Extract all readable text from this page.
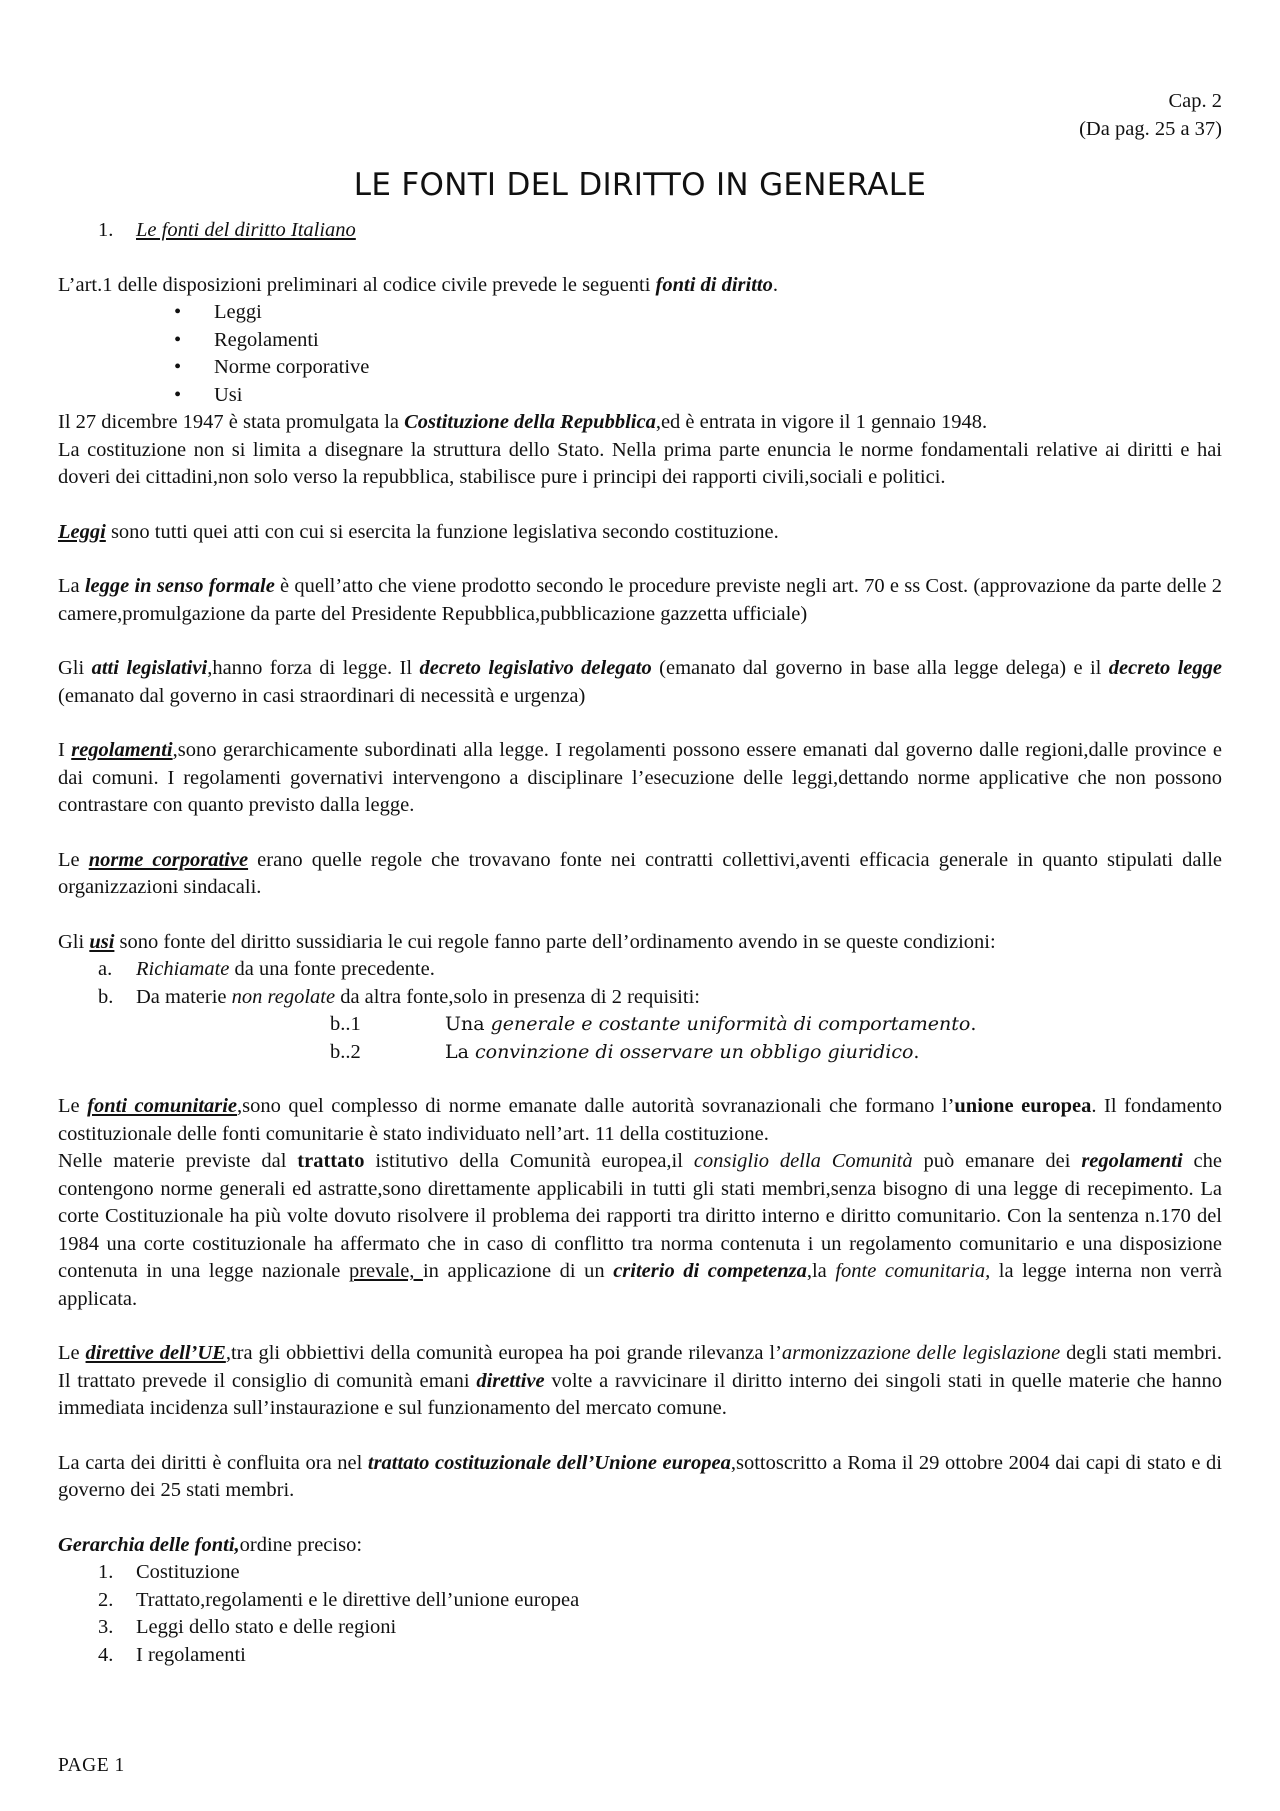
Cap. 2
(Da pag. 25 a 37)
LE FONTI DEL DIRITTO IN GENERALE
1. Le fonti del diritto Italiano

L’art.1 delle disposizioni preliminari al codice civile prevede le seguenti fonti di diritto.

• Leggi
• Regolamenti
• Norme corporative
• Usi

Il 27 dicembre 1947 è stata promulgata la Costituzione della Repubblica,ed è entrata in vigore il 1 gennaio 1948.

La costituzione non si limita a disegnare la struttura dello Stato. Nella prima parte enuncia le norme fondamentali relative ai diritti e hai doveri dei cittadini,non solo verso la repubblica, stabilisce pure i principi dei rapporti civili,sociali e politici.

Leggi sono tutti quei atti con cui si esercita la funzione legislativa secondo costituzione.

La legge in senso formale è quell’atto che viene prodotto secondo le procedure previste negli art. 70 e ss Cost. (approvazione da parte delle 2 camere,promulgazione da parte del Presidente Repubblica,pubblicazione gazzetta ufficiale)

Gli atti legislativi,hanno forza di legge. Il decreto legislativo delegato (emanato dal governo in base alla legge delega) e il decreto legge (emanato dal governo in casi straordinari di necessità e urgenza)

I regolamenti,sono gerarchicamente subordinati alla legge. I regolamenti possono essere emanati dal governo dalle regioni,dalle province e dai comuni. I regolamenti governativi intervengono a disciplinare l’esecuzione delle leggi,dettando norme applicative che non possono contrastare con quanto previsto dalla legge.

Le norme corporative erano quelle regole che trovavano fonte nei contratti collettivi,aventi efficacia generale in quanto stipulati dalle organizzazioni sindacali.

Gli usi sono fonte del diritto sussidiaria le cui regole fanno parte dell’ordinamento avendo in se queste condizioni:

a.	Richiamate da una fonte precedente.
b.	Da materie non regolate da altra fonte,solo in presenza di 2 requisiti:
b..1	Una generale e costante uniformità di comportamento.
b..2	La convinzione di osservare un obbligo giuridico.

Le fonti comunitarie,sono quel complesso di norme emanate dalle autorità sovranazionali che formano l’unione europea. Il fondamento costituzionale delle fonti comunitarie è stato individuato nell’art. 11 della costituzione.

Nelle materie previste dal trattato istitutivo della Comunità europea,il consiglio della Comunità può emanare dei regolamenti che contengono norme generali ed astratte,sono direttamente applicabili in tutti gli stati membri,senza bisogno di una legge di recepimento. La corte Costituzionale ha più volte dovuto risolvere il problema dei rapporti tra diritto interno e diritto comunitario. Con la sentenza n.170 del 1984 una corte costituzionale ha affermato che in caso di conflitto tra norma contenuta i un regolamento comunitario e una disposizione contenuta in una legge nazionale prevale, in applicazione di un criterio di competenza,la fonte comunitaria, la legge interna non verrà applicata.

Le direttive dell’UE,tra gli obbiettivi della comunità europea ha poi grande rilevanza l’armonizzazione delle legislazione degli stati membri. Il trattato prevede il consiglio di comunità emani direttive volte a ravvicinare il diritto interno dei singoli stati in quelle materie che hanno immediata incidenza sull’instaurazione e sul funzionamento del mercato comune.

La carta dei diritti è confluita ora nel trattato costituzionale dell’Unione europea,sottoscritto a Roma il 29 ottobre 2004 dai capi di stato e di governo dei 25 stati membri.

Gerarchia delle fonti,ordine preciso:

1.	Costituzione
2.	Trattato,regolamenti e le direttive dell’unione europea
3.	Leggi dello stato e delle regioni
4.	I regolamenti
PAGE 1
